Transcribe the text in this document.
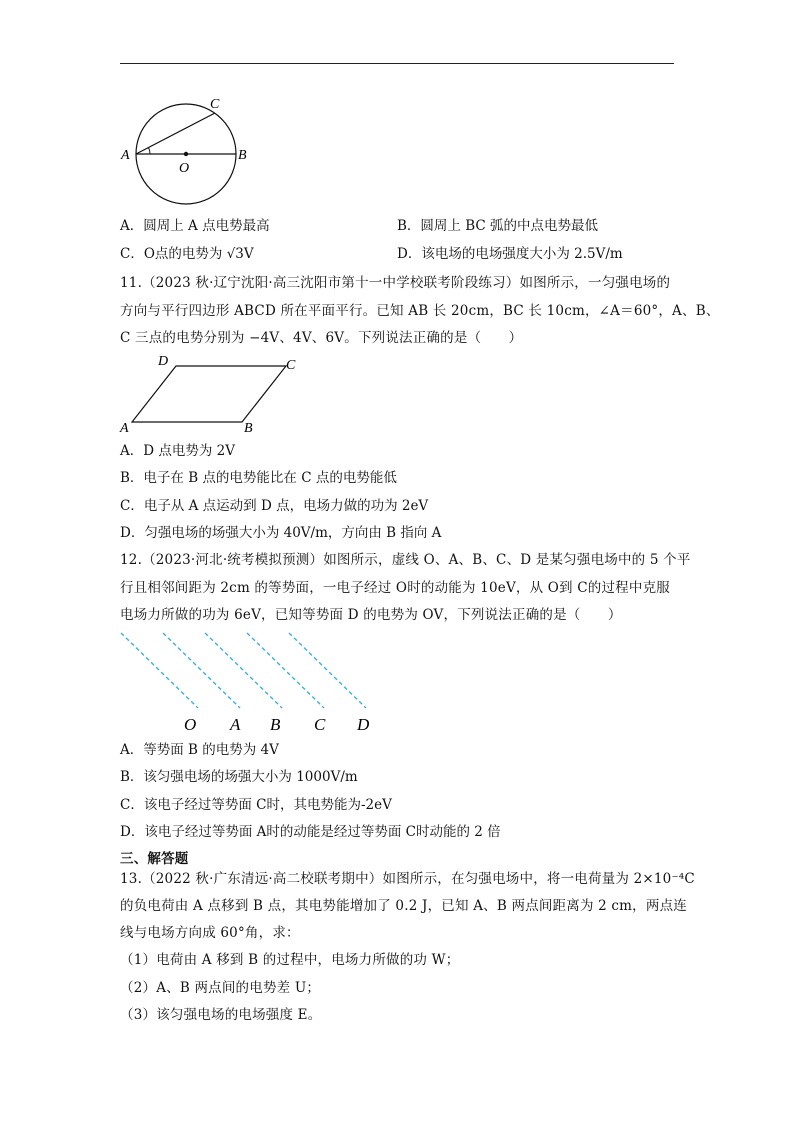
A	B
C
O
A．圆周上 A 点电势最高	B．圆周上 BC 弧的中点电势最低
C．O点的电势为 √3V	D．该电场的电场强度大小为 2.5V/m
11.（2023 秋·辽宁沈阳·高三沈阳市第十一中学校联考阶段练习）如图所示，一匀强电场的
方向与平行四边形 ABCD 所在平面平行。已知 AB 长 20cm，BC 长 10cm，∠A＝60°，A、B、
C 三点的电势分别为 −4V、4V、6V。下列说法正确的是（　　）
A	B
C
D
A．D 点电势为 2V
B．电子在 B 点的电势能比在 C 点的电势能低
C．电子从 A 点运动到 D 点，电场力做的功为 2eV
D．匀强电场的场强大小为 40V/m，方向由 B 指向 A
12.（2023·河北·统考模拟预测）如图所示，虚线 O、A、B、C、D 是某匀强电场中的 5 个平
行且相邻间距为 2cm 的等势面，一电子经过 O时的动能为 10eV，从 O到 C的过程中克服
电场力所做的功为 6eV，已知等势面 D 的电势为 OV，下列说法正确的是（　　）
O A B C D
A．等势面 B 的电势为 4V
B．该匀强电场的场强大小为 1000V/m
C．该电子经过等势面 C时，其电势能为-2eV
D．该电子经过等势面 A时的动能是经过等势面 C时动能的 2 倍
三、解答题
13.（2022 秋·广东清远·高二校联考期中）如图所示，在匀强电场中，将一电荷量为 2×10⁻⁴C
的负电荷由 A 点移到 B 点，其电势能增加了 0.2 J，已知 A、B 两点间距离为 2 cm，两点连
线与电场方向成 60°角，求：
（1）电荷由 A 移到 B 的过程中，电场力所做的功 W；
（2）A、B 两点间的电势差 U；
（3）该匀强电场的电场强度 E。
